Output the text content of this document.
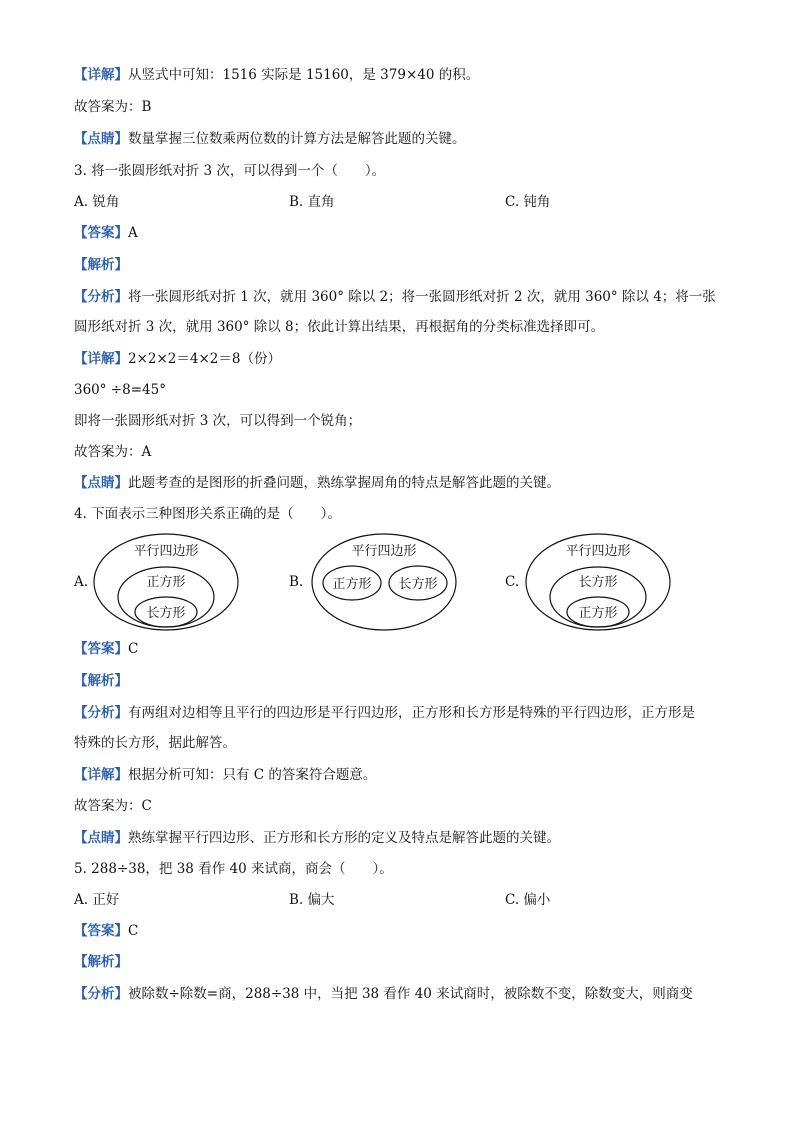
【详解】从竖式中可知：1516 实际是 15160，是 379×40 的积。
故答案为：B
【点睛】数量掌握三位数乘两位数的计算方法是解答此题的关键。
3. 将一张圆形纸对折 3 次，可以得到一个（　　）。
A. 锐角	B. 直角	C. 钝角
【答案】A
【解析】
【分析】将一张圆形纸对折 1 次，就用 360° 除以 2；将一张圆形纸对折 2 次，就用 360° 除以 4；将一张
圆形纸对折 3 次，就用 360° 除以 8；依此计算出结果，再根据角的分类标准选择即可。
【详解】2×2×2＝4×2＝8（份）
360° ÷8=45°
即将一张圆形纸对折 3 次，可以得到一个锐角；
故答案为：A
【点睛】此题考查的是图形的折叠问题，熟练掌握周角的特点是解答此题的关键。
4. 下面表示三种图形关系正确的是（　　）。
A.	B.	C.
平行四边形
正方形
长方形
平行四边形
正方形 长方形
平行四边形
长方形
正方形
【答案】C
【解析】
【分析】有两组对边相等且平行的四边形是平行四边形，正方形和长方形是特殊的平行四边形，正方形是
特殊的长方形，据此解答。
【详解】根据分析可知：只有 C 的答案符合题意。
故答案为：C
【点睛】熟练掌握平行四边形、正方形和长方形的定义及特点是解答此题的关键。
5. 288÷38，把 38 看作 40 来试商，商会（　　）。
A. 正好	B. 偏大	C. 偏小
【答案】C
【解析】
【分析】被除数÷除数=商，288÷38 中，当把 38 看作 40 来试商时，被除数不变，除数变大，则商变
